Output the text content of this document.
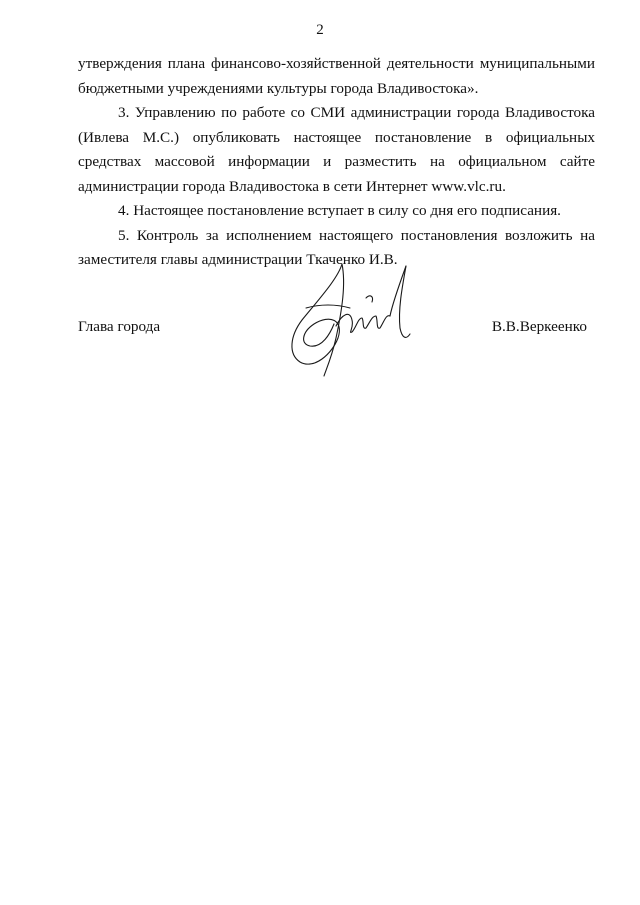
2

утверждения плана финансово-хозяйственной деятельности муниципальными бюджетными учреждениями культуры города Владивостока».

3. Управлению по работе со СМИ администрации города Владивостока (Ивлева М.С.) опубликовать настоящее постановление в официальных средствах массовой информации и разместить на официальном сайте администрации города Владивостока в сети Интернет www.vlc.ru.

4. Настоящее постановление вступает в силу со дня его подписания.

5. Контроль за исполнением настоящего постановления возложить на заместителя главы администрации Ткаченко И.В.

Глава города	В.В.Веркеенко
